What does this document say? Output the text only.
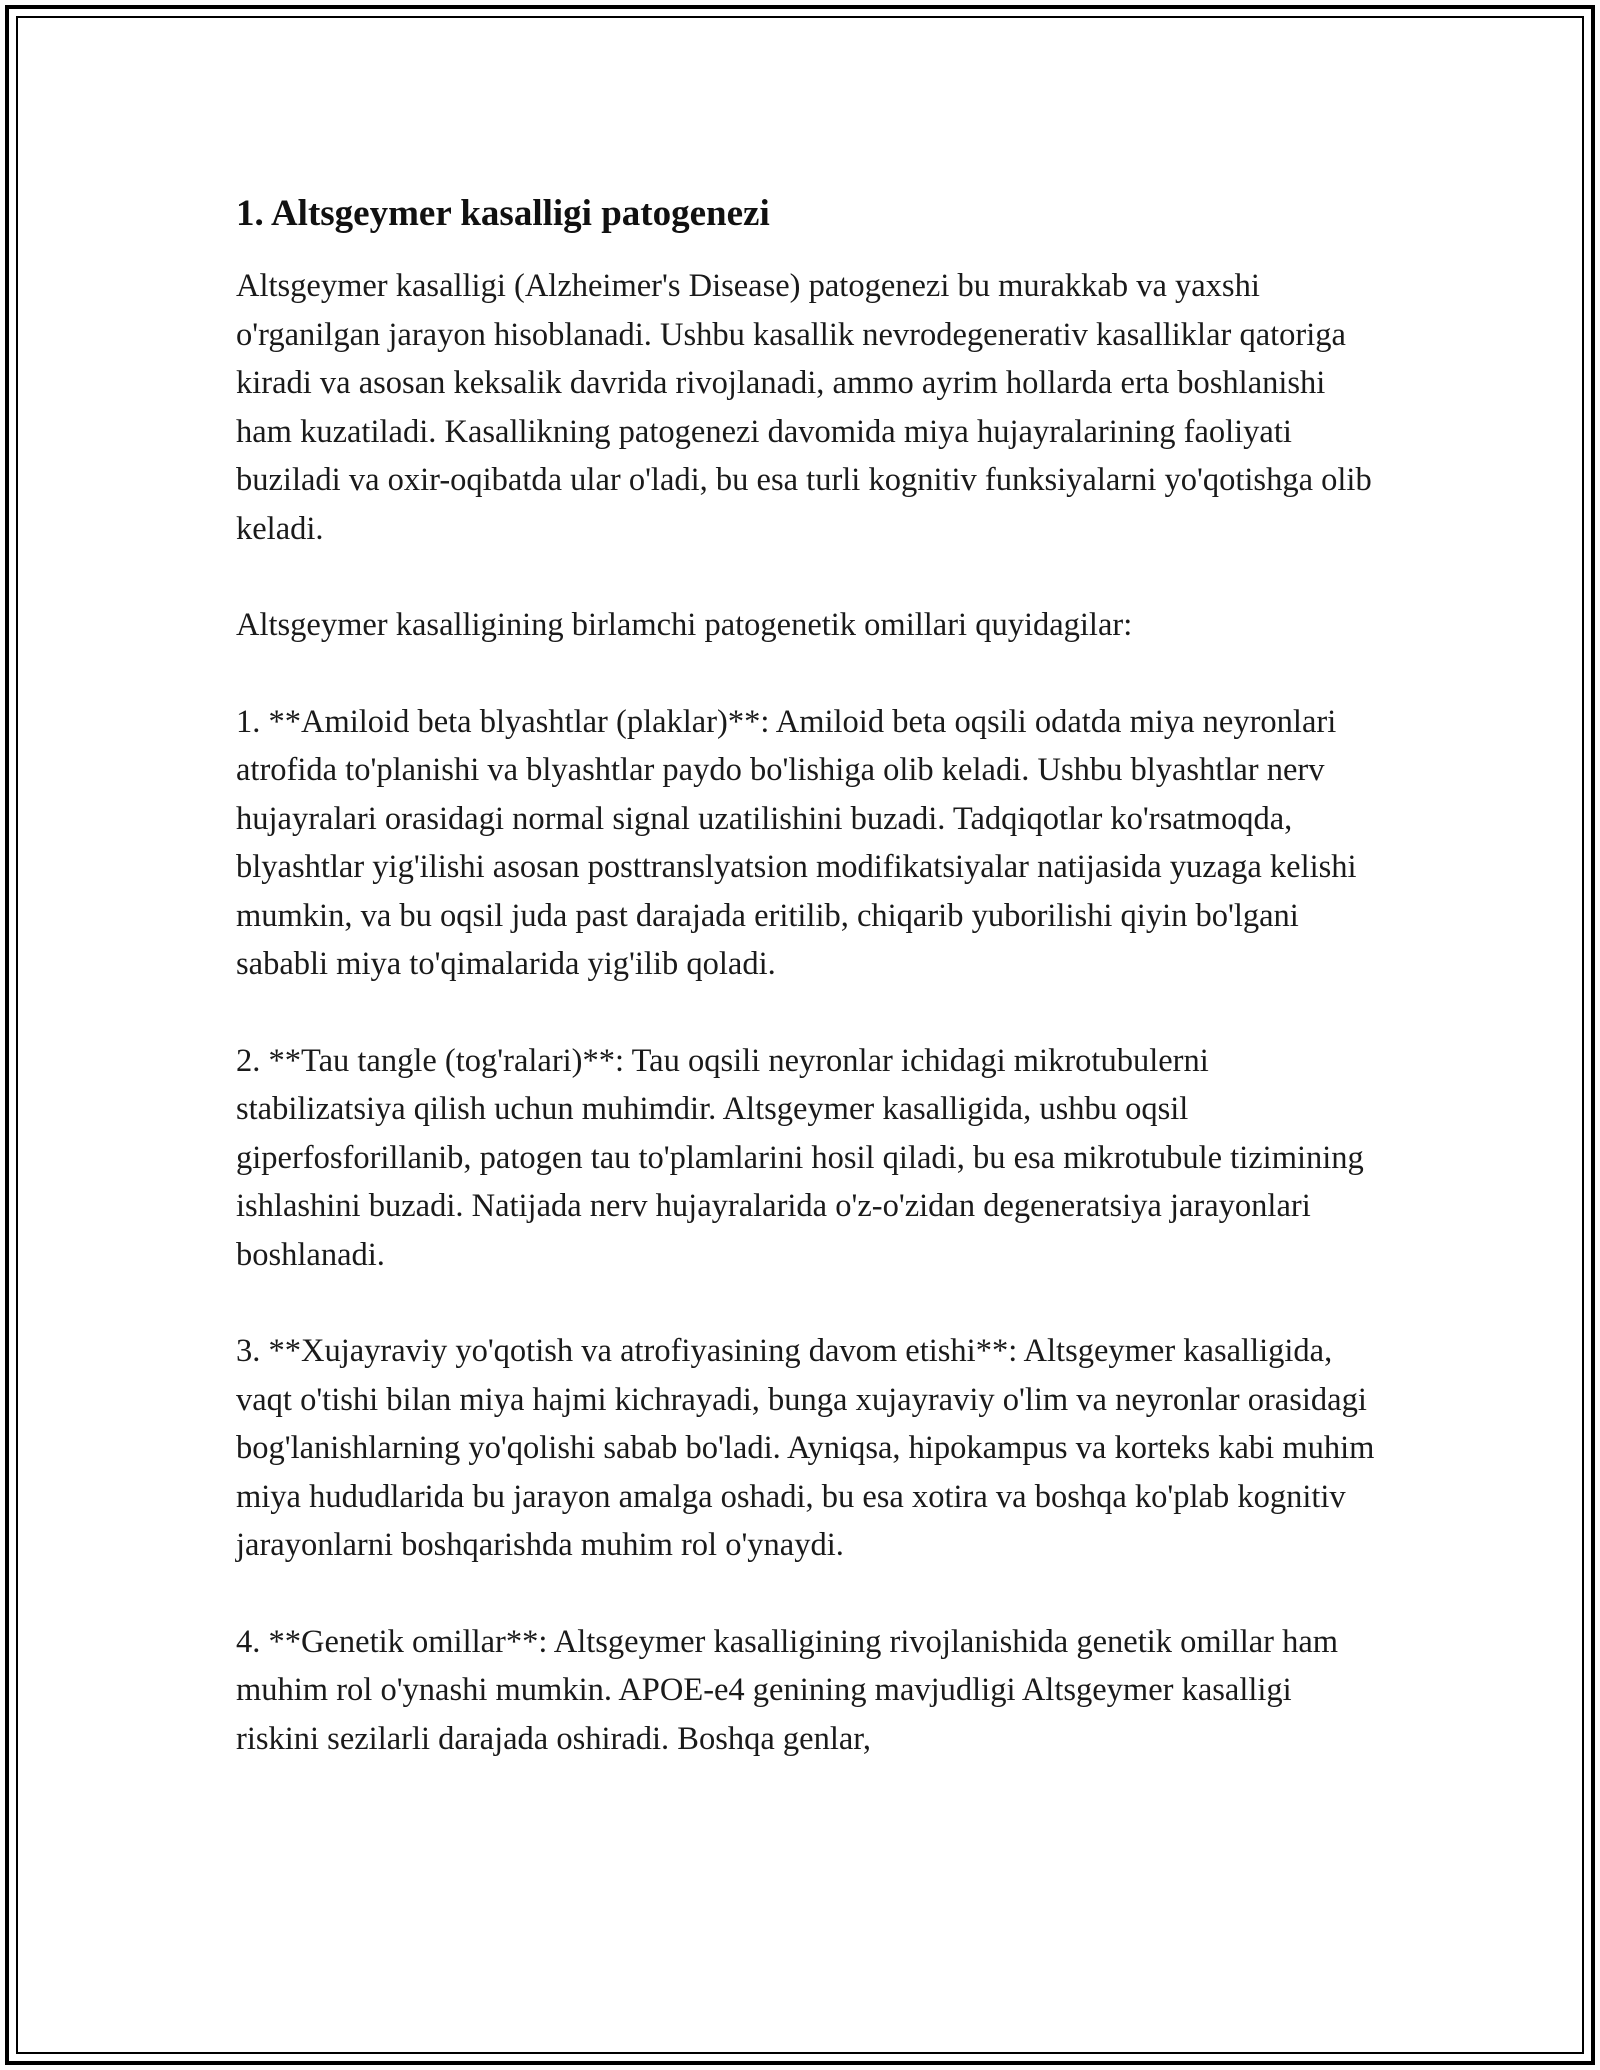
1. Altsgeymer kasalligi patogenezi

Altsgeymer kasalligi (Alzheimer's Disease) patogenezi bu murakkab va yaxshi o'rganilgan jarayon hisoblanadi. Ushbu kasallik nevrodegenerativ kasalliklar qatoriga kiradi va asosan keksalik davrida rivojlanadi, ammo ayrim hollarda erta boshlanishi ham kuzatiladi. Kasallikning patogenezi davomida miya hujayralarining faoliyati buziladi va oxir-oqibatda ular o'ladi, bu esa turli kognitiv funksiyalarni yo'qotishga olib keladi.

Altsgeymer kasalligining birlamchi patogenetik omillari quyidagilar:

1. **Amiloid beta blyashtlar (plaklar)**: Amiloid beta oqsili odatda miya neyronlari atrofida to'planishi va blyashtlar paydo bo'lishiga olib keladi. Ushbu blyashtlar nerv hujayralari orasidagi normal signal uzatilishini buzadi. Tadqiqotlar ko'rsatmoqda, blyashtlar yig'ilishi asosan posttranslyatsion modifikatsiyalar natijasida yuzaga kelishi mumkin, va bu oqsil juda past darajada eritilib, chiqarib yuborilishi qiyin bo'lgani sababli miya to'qimalarida yig'ilib qoladi.

2. **Tau tangle (tog'ralari)**: Tau oqsili neyronlar ichidagi mikrotubulerni stabilizatsiya qilish uchun muhimdir. Altsgeymer kasalligida, ushbu oqsil giperfosforillanib, patogen tau to'plamlarini hosil qiladi, bu esa mikrotubule tizimining ishlashini buzadi. Natijada nerv hujayralarida o'z-o'zidan degeneratsiya jarayonlari boshlanadi.

3. **Xujayraviy yo'qotish va atrofiyasining davom etishi**: Altsgeymer kasalligida, vaqt o'tishi bilan miya hajmi kichrayadi, bunga xujayraviy o'lim va neyronlar orasidagi bog'lanishlarning yo'qolishi sabab bo'ladi. Ayniqsa, hipokampus va korteks kabi muhim miya hududlarida bu jarayon amalga oshadi, bu esa xotira va boshqa ko'plab kognitiv jarayonlarni boshqarishda muhim rol o'ynaydi.

4. **Genetik omillar**: Altsgeymer kasalligining rivojlanishida genetik omillar ham muhim rol o'ynashi mumkin. APOE-e4 genining mavjudligi Altsgeymer kasalligi riskini sezilarli darajada oshiradi. Boshqa genlar,
